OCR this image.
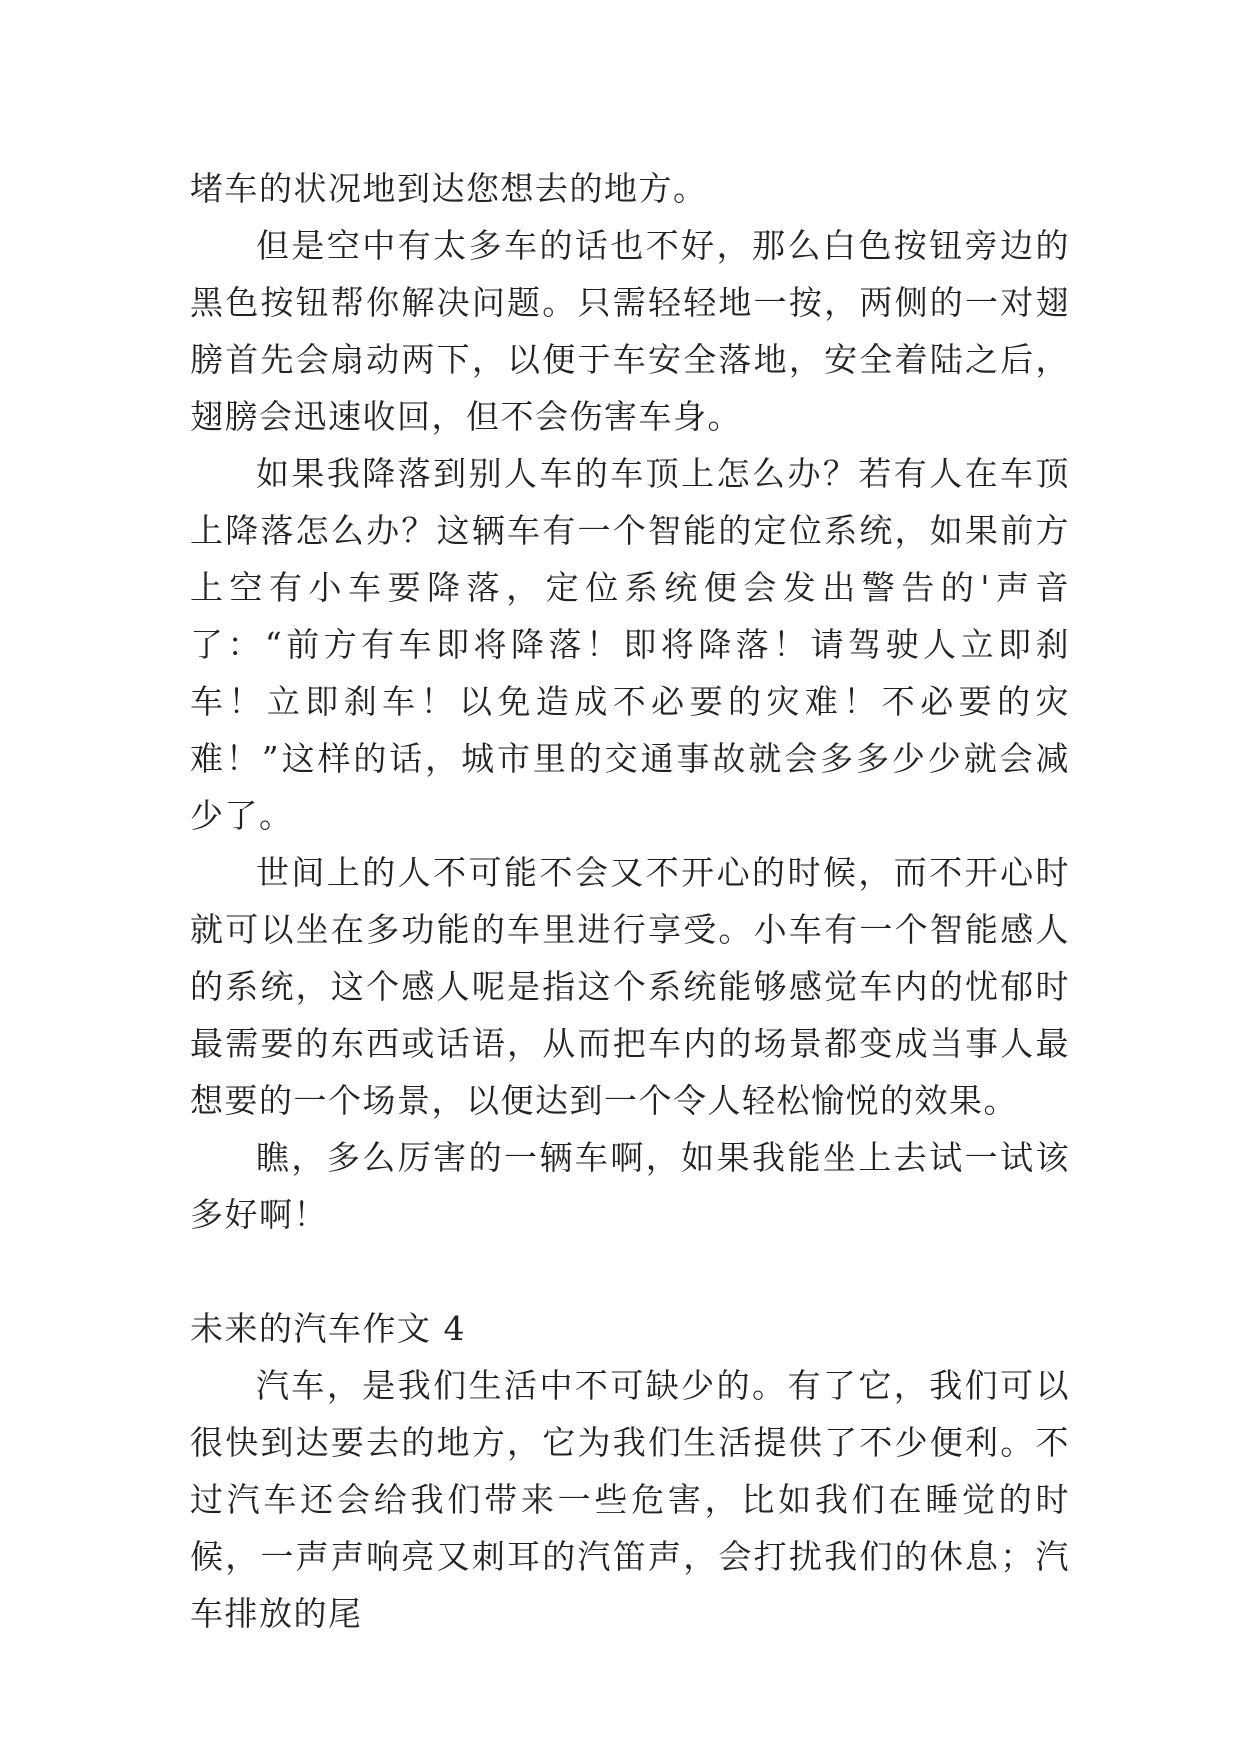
堵车的状况地到达您想去的地方。

但是空中有太多车的话也不好，那么白色按钮旁边的黑色按钮帮你解决问题。只需轻轻地一按，两侧的一对翅膀首先会扇动两下，以便于车安全落地，安全着陆之后，翅膀会迅速收回，但不会伤害车身。

如果我降落到别人车的车顶上怎么办？若有人在车顶上降落怎么办？这辆车有一个智能的定位系统，如果前方上空有小车要降落，定位系统便会发出警告的'声音了：“前方有车即将降落！即将降落！请驾驶人立即刹车！立即刹车！以免造成不必要的灾难！不必要的灾难！”这样的话，城市里的交通事故就会多多少少就会减少了。

世间上的人不可能不会又不开心的时候，而不开心时就可以坐在多功能的车里进行享受。小车有一个智能感人的系统，这个感人呢是指这个系统能够感觉车内的忧郁时最需要的东西或话语，从而把车内的场景都变成当事人最想要的一个场景，以便达到一个令人轻松愉悦的效果。

瞧，多么厉害的一辆车啊，如果我能坐上去试一试该多好啊！

未来的汽车作文 4

汽车，是我们生活中不可缺少的。有了它，我们可以很快到达要去的地方，它为我们生活提供了不少便利。不过汽车还会给我们带来一些危害，比如我们在睡觉的时候，一声声响亮又刺耳的汽笛声，会打扰我们的休息；汽车排放的尾
